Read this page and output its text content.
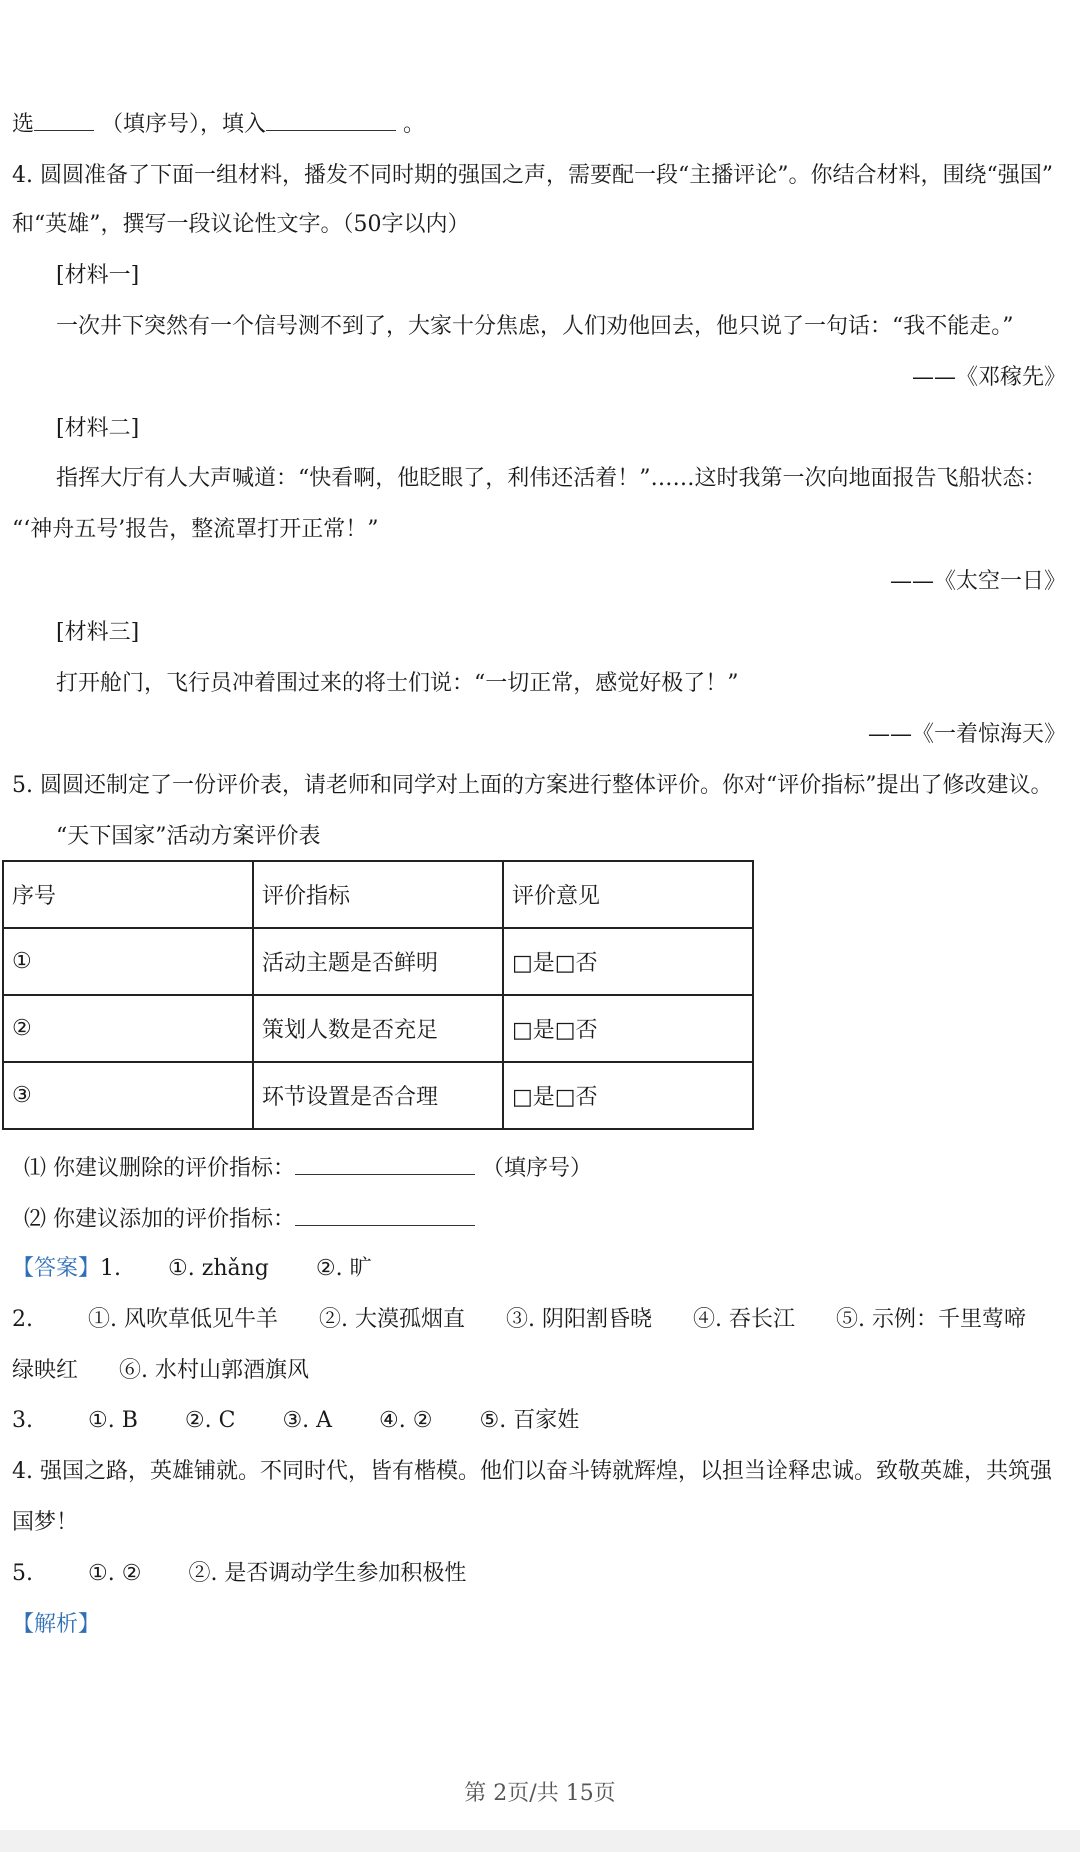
选	（填序号），填入	。
4. 圆圆准备了下面一组材料，播发不同时期的强国之声，需要配一段“主播评论”。你结合材料，围绕“强国”
和“英雄”，撰写一段议论性文字。（50字以内）
[材料一]
一次井下突然有一个信号测不到了，大家十分焦虑，人们劝他回去，他只说了一句话：“我不能走。”
——《邓稼先》
[材料二]
指挥大厅有人大声喊道：“快看啊，他眨眼了，利伟还活着！”……这时我第一次向地面报告飞船状态：
“‘神舟五号’报告，整流罩打开正常！”
——《太空一日》
[材料三]
打开舱门，飞行员冲着围过来的将士们说：“一切正常，感觉好极了！”
——《一着惊海天》
5. 圆圆还制定了一份评价表，请老师和同学对上面的方案进行整体评价。你对“评价指标”提出了修改建议。
“天下国家”活动方案评价表
序号	评价指标	评价意见
①	活动主题是否鲜明	□是□否
②	策划人数是否充足	□是□否
③	环节设置是否合理	□是□否
⑴ 你建议删除的评价指标：	（填序号）
⑵ 你建议添加的评价指标：
【答案】1. ①. zhǎng ②. 旷
2.	①. 风吹草低见牛羊 ②. 大漠孤烟直 ③. 阴阳割昏晓 ④. 吞长江 ⑤. 示例：千里莺啼
绿映红 ⑥. 水村山郭酒旗风
3.	①. B ②. C ③. A ④. ② ⑤. 百家姓
4. 强国之路，英雄铺就。不同时代，皆有楷模。他们以奋斗铸就辉煌，以担当诠释忠诚。致敬英雄，共筑强
国梦！
5.	①. ② ②. 是否调动学生参加积极性
【解析】
第 2页/共 15页
